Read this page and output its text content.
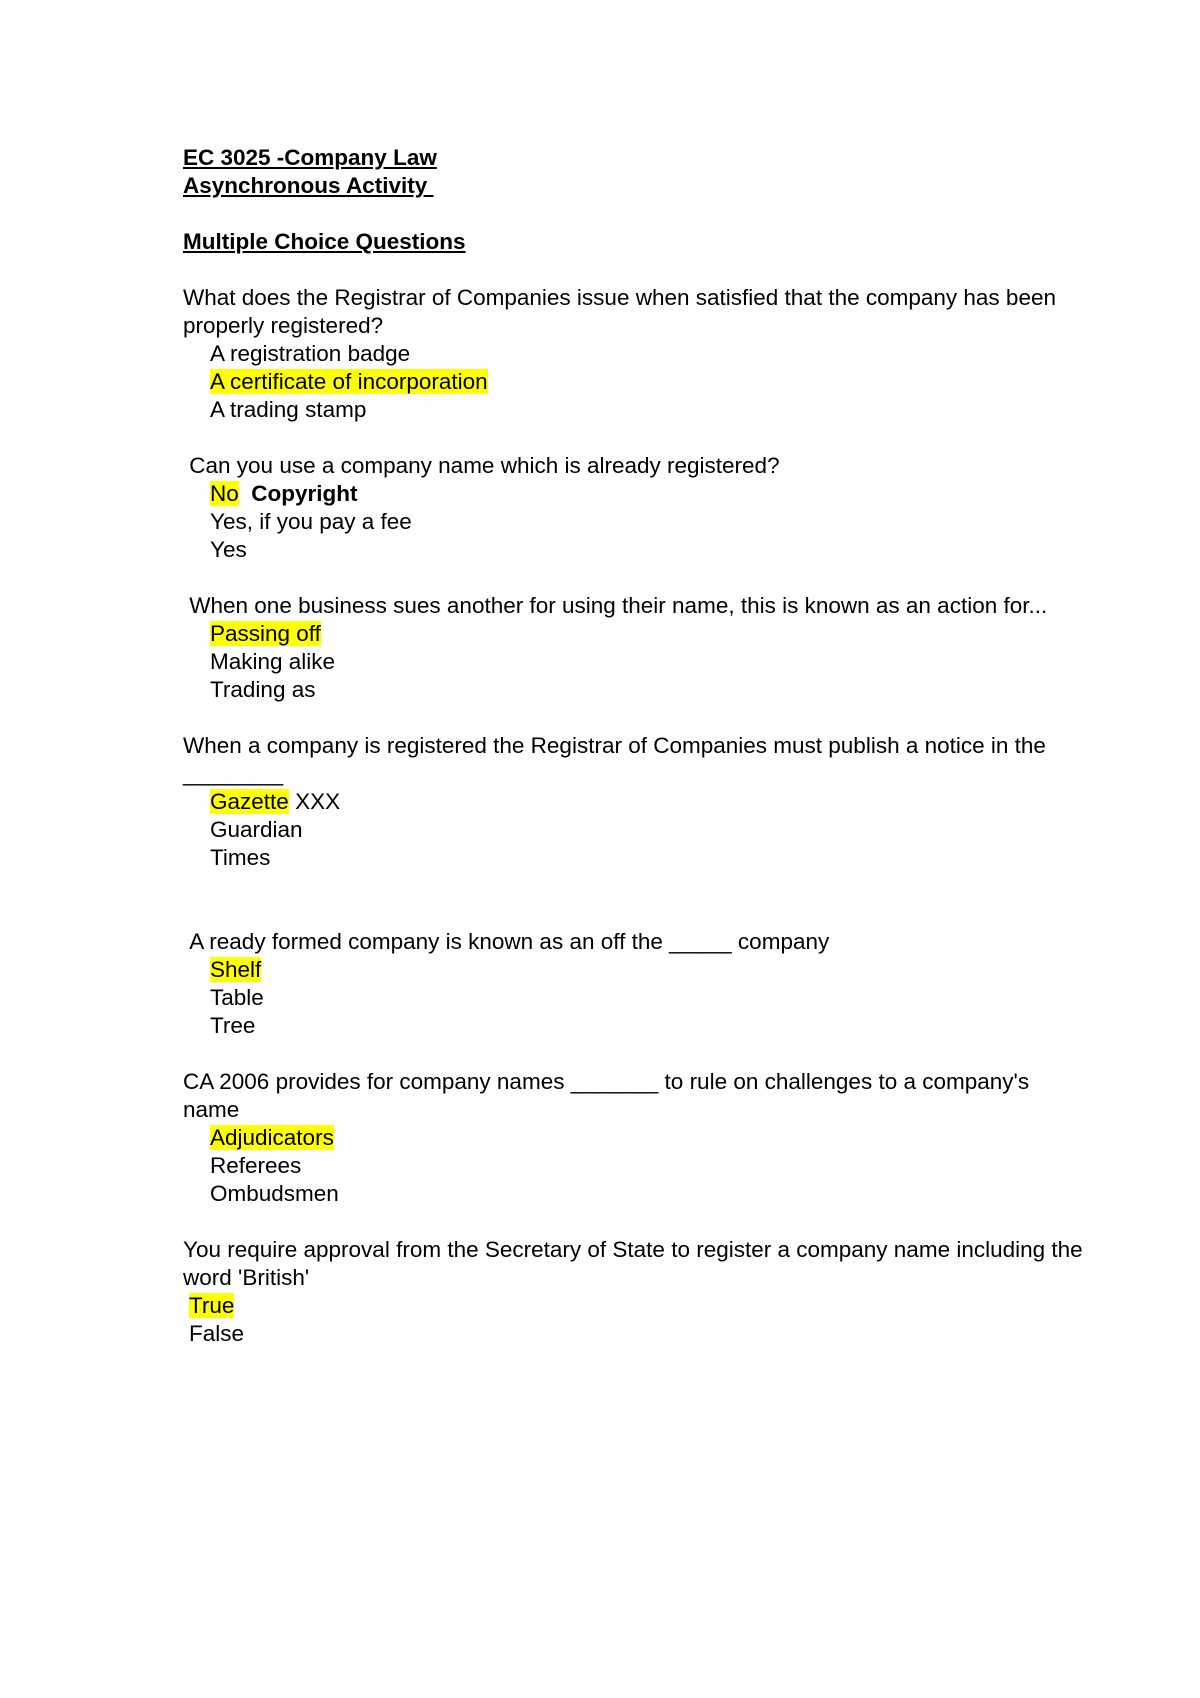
EC 3025 -Company Law
Asynchronous Activity
Multiple Choice Questions
What does the Registrar of Companies issue when satisfied that the company has been properly registered?
A registration badge
A certificate of incorporation
A trading stamp
Can you use a company name which is already registered?
No Copyright
Yes, if you pay a fee
Yes
When one business sues another for using their name, this is known as an action for...
Passing off
Making alike
Trading as
When a company is registered the Registrar of Companies must publish a notice in the ________
Gazette XXX
Guardian
Times
A ready formed company is known as an off the _____ company
Shelf
Table
Tree
CA 2006 provides for company names _______ to rule on challenges to a company's name
Adjudicators
Referees
Ombudsmen
You require approval from the Secretary of State to register a company name including the word 'British'
True
False
